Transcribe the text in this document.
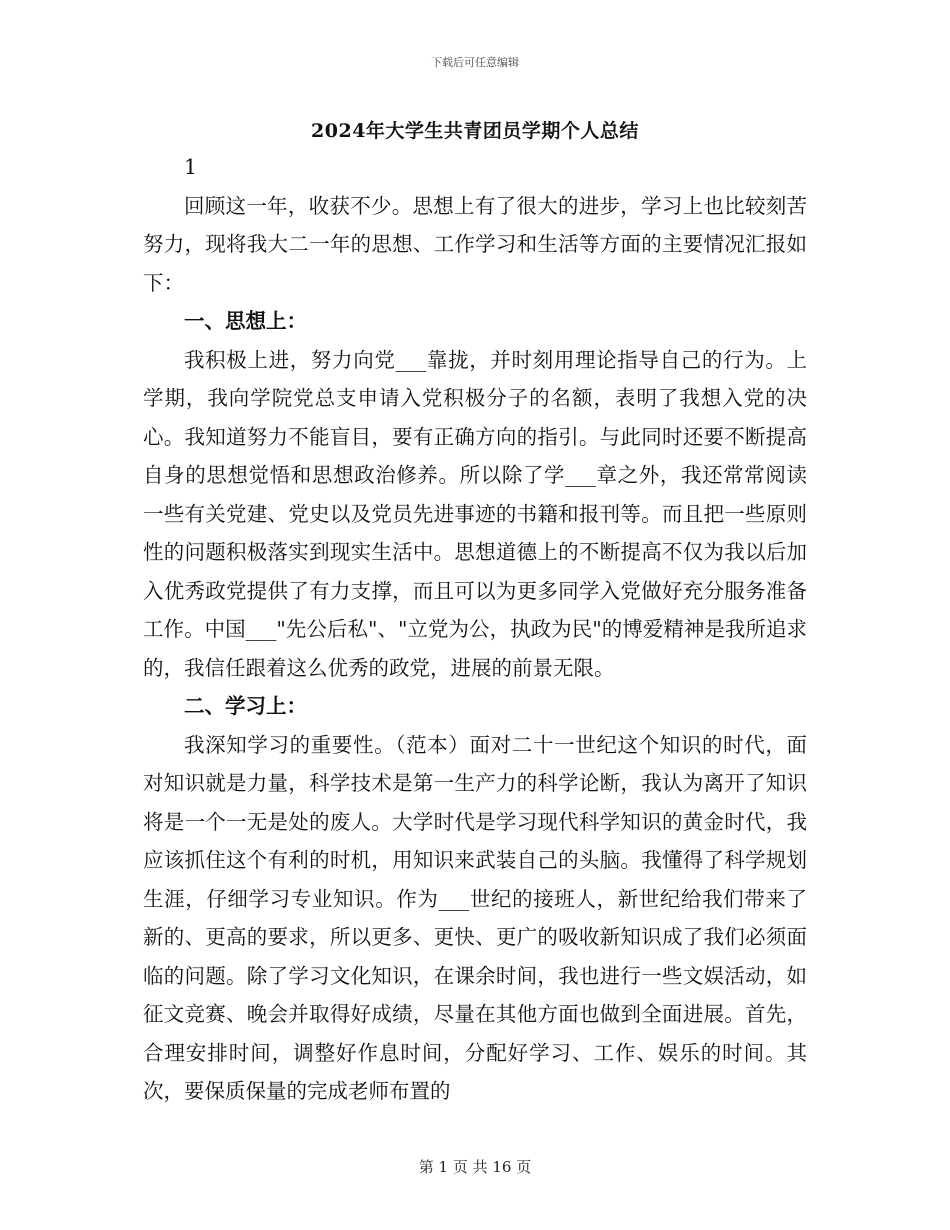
下载后可任意编辑
2024年大学生共青团员学期个人总结

1

回顾这一年，收获不少。思想上有了很大的进步，学习上也比较刻苦努力，现将我大二一年的思想、工作学习和生活等方面的主要情况汇报如下：

一、思想上：

我积极上进，努力向党___靠拢，并时刻用理论指导自己的行为。上学期，我向学院党总支申请入党积极分子的名额，表明了我想入党的决心。我知道努力不能盲目，要有正确方向的指引。与此同时还要不断提高自身的思想觉悟和思想政治修养。所以除了学___章之外，我还常常阅读一些有关党建、党史以及党员先进事迹的书籍和报刊等。而且把一些原则性的问题积极落实到现实生活中。思想道德上的不断提高不仅为我以后加入优秀政党提供了有力支撑，而且可以为更多同学入党做好充分服务准备工作。中国___"先公后私"、"立党为公，执政为民"的博爱精神是我所追求的，我信任跟着这么优秀的政党，进展的前景无限。

二、学习上：

我深知学习的重要性。（范本）面对二十一世纪这个知识的时代，面对知识就是力量，科学技术是第一生产力的科学论断，我认为离开了知识将是一个一无是处的废人。大学时代是学习现代科学知识的黄金时代，我应该抓住这个有利的时机，用知识来武装自己的头脑。我懂得了科学规划生涯，仔细学习专业知识。作为___世纪的接班人，新世纪给我们带来了新的、更高的要求，所以更多、更快、更广的吸收新知识成了我们必须面临的问题。除了学习文化知识，在课余时间，我也进行一些文娱活动，如征文竞赛、晚会并取得好成绩，尽量在其他方面也做到全面进展。首先，合理安排时间，调整好作息时间，分配好学习、工作、娱乐的时间。其次，要保质保量的完成老师布置的

第 1 页 共 16 页
